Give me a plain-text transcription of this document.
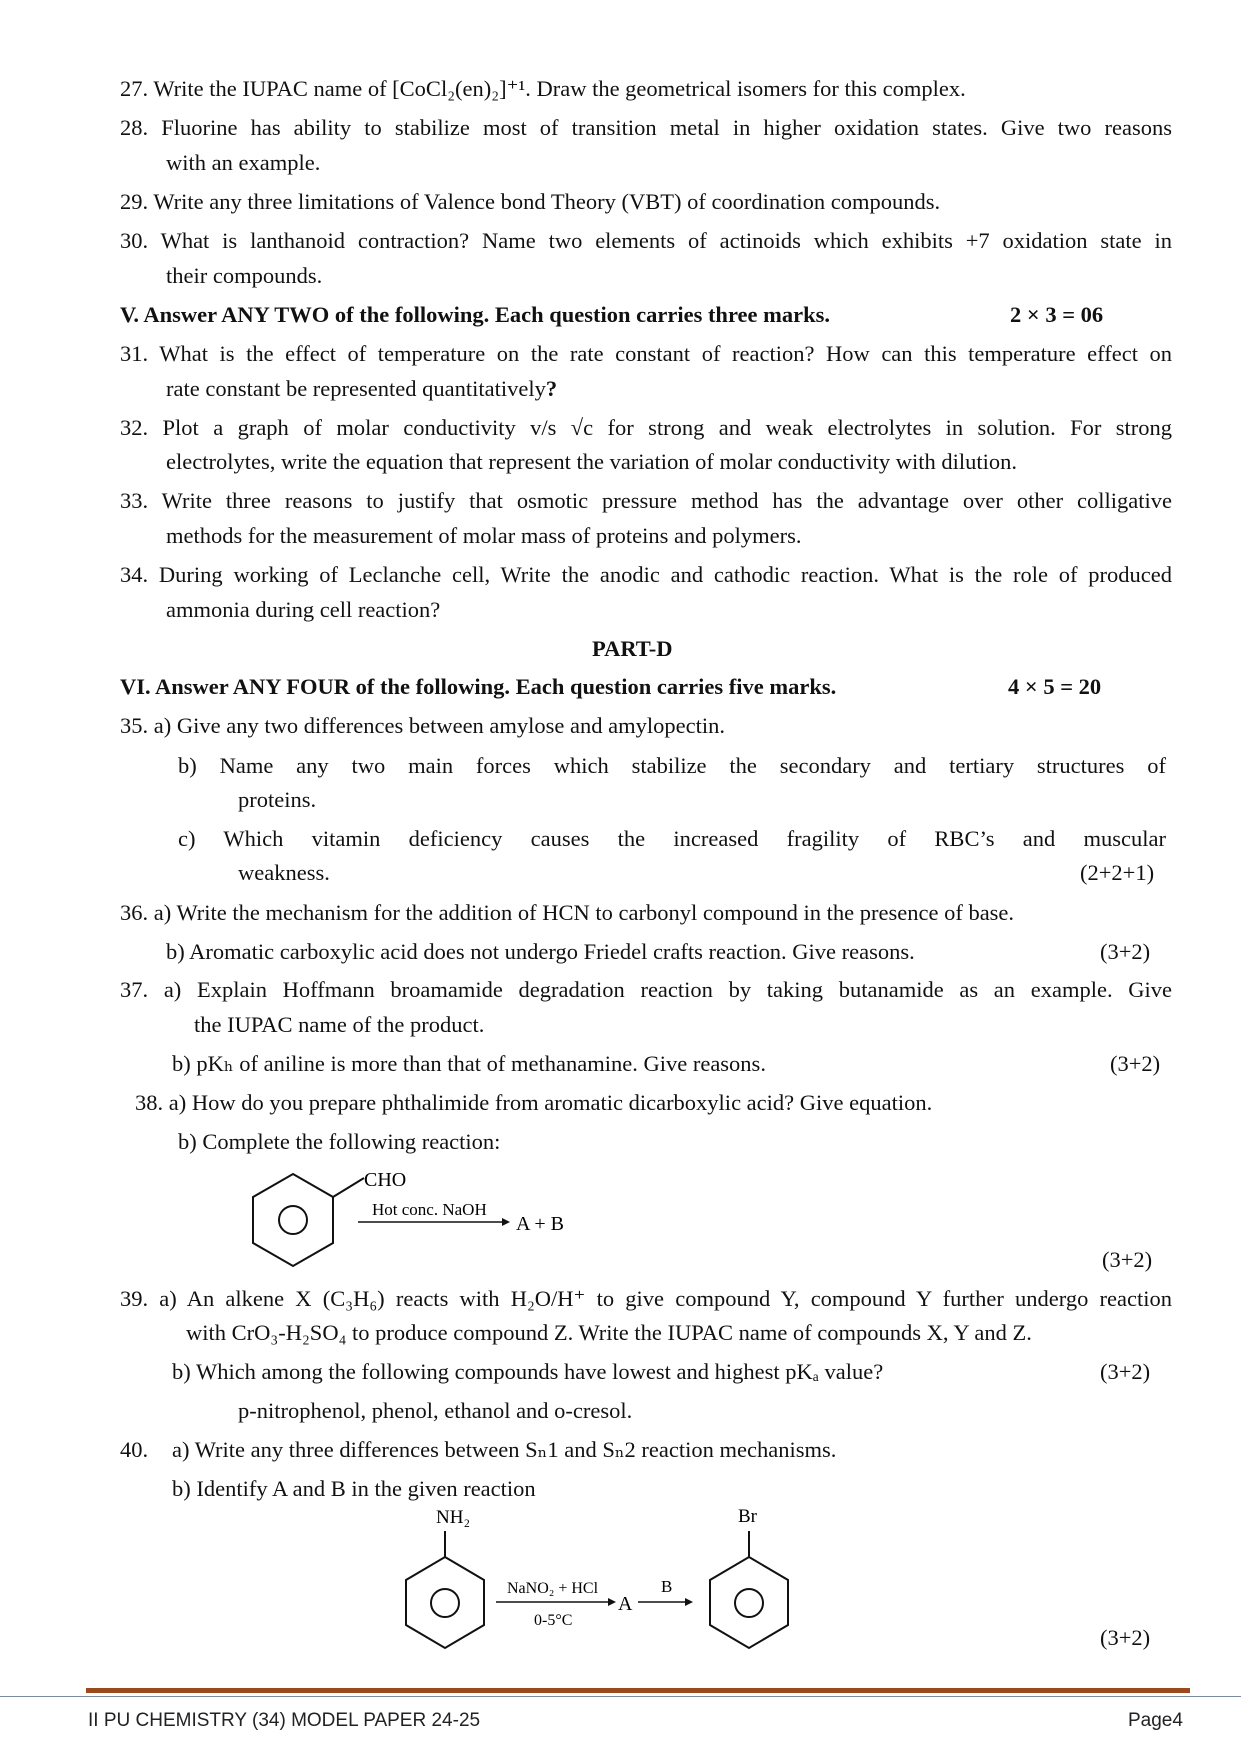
27. Write the IUPAC name of [CoCl₂(en)₂]⁺¹. Draw the geometrical isomers for this complex.
28. Fluorine has ability to stabilize most of transition metal in higher oxidation states. Give two reasons
with an example.
29. Write any three limitations of Valence bond Theory (VBT) of coordination compounds.
30. What is lanthanoid contraction? Name two elements of actinoids which exhibits +7 oxidation state in
their compounds.
V. Answer ANY TWO of the following. Each question carries three marks.	2 × 3 = 06
31. What is the effect of temperature on the rate constant of reaction? How can this temperature effect on
rate constant be represented quantitatively?
32. Plot a graph of molar conductivity v/s √c for strong and weak electrolytes in solution. For strong
electrolytes, write the equation that represent the variation of molar conductivity with dilution.
33. Write three reasons to justify that osmotic pressure method has the advantage over other colligative
methods for the measurement of molar mass of proteins and polymers.
34. During working of Leclanche cell, Write the anodic and cathodic reaction. What is the role of produced
ammonia during cell reaction?
PART-D
VI. Answer ANY FOUR of the following. Each question carries five marks.	4 × 5 = 20
35. a) Give any two differences between amylose and amylopectin.
b) Name any two main forces which stabilize the secondary and tertiary structures of
proteins.
c) Which vitamin deficiency causes the increased fragility of RBC’s and muscular
weakness.	(2+2+1)
36. a) Write the mechanism for the addition of HCN to carbonyl compound in the presence of base.
b) Aromatic carboxylic acid does not undergo Friedel crafts reaction. Give reasons.	(3+2)
37. a) Explain Hoffmann broamamide degradation reaction by taking butanamide as an example. Give
the IUPAC name of the product.
b) pKₕ of aniline is more than that of methanamine. Give reasons.	(3+2)
38. a) How do you prepare phthalimide from aromatic dicarboxylic acid? Give equation.
b) Complete the following reaction:
CHO
Hot conc. NaOH
A + B
(3+2)
39. a) An alkene X (C₃H₆) reacts with H₂O/H⁺ to give compound Y, compound Y further undergo reaction
with CrO₃-H₂SO₄ to produce compound Z. Write the IUPAC name of compounds X, Y and Z.
b) Which among the following compounds have lowest and highest pKₐ value?	(3+2)
p-nitrophenol, phenol, ethanol and o-cresol.
40. a) Write any three differences between Sₙ1 and Sₙ2 reaction mechanisms.
b) Identify A and B in the given reaction
NH₂
NaNO₂ + HCl
0-5°C
A
B
Br
(3+2)
II PU CHEMISTRY (34) MODEL PAPER 24-25	Page4
